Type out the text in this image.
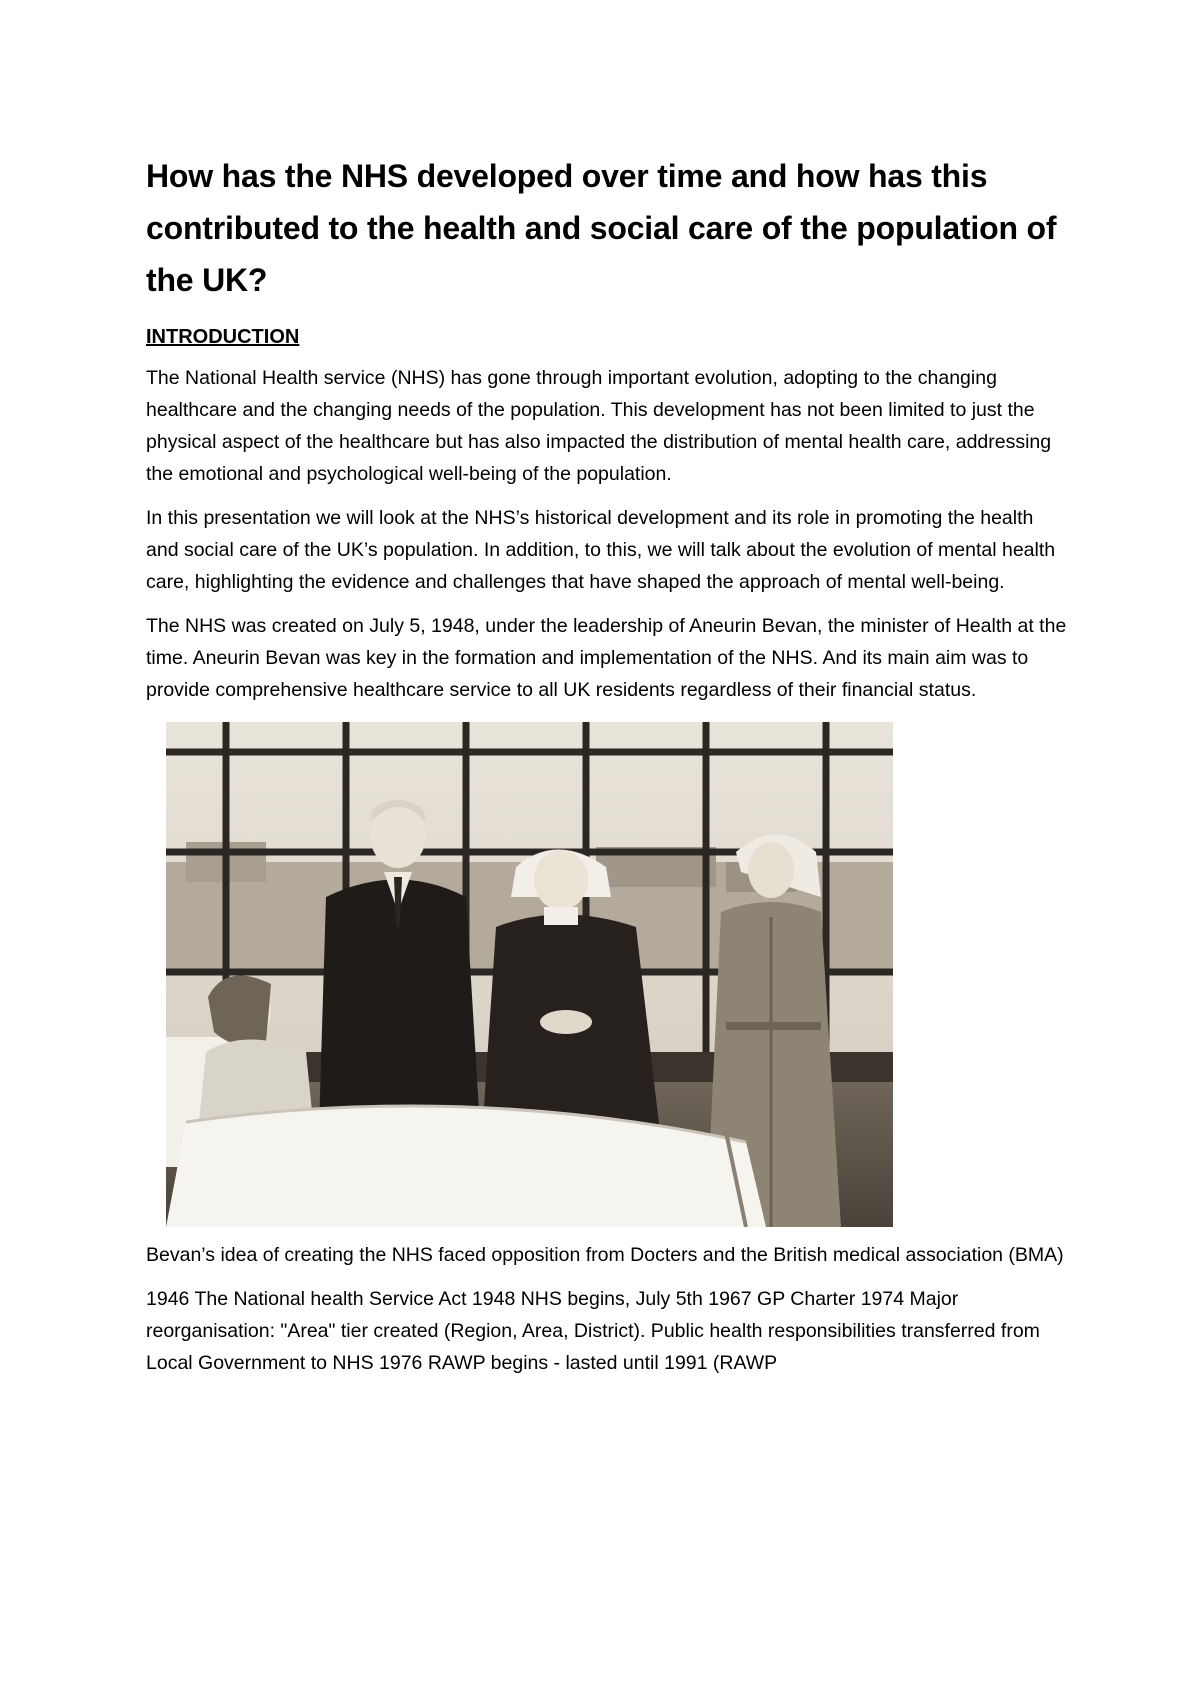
How has the NHS developed over time and how has this contributed to the health and social care of the population of the UK?
INTRODUCTION

The National Health service (NHS) has gone through important evolution, adopting to the changing healthcare and the changing needs of the population. This development has not been limited to just the physical aspect of the healthcare but has also impacted the distribution of mental health care, addressing the emotional and psychological well-being of the population.

In this presentation we will look at the NHS’s historical development and its role in promoting the health and social care of the UK’s population. In addition, to this, we will talk about the evolution of mental health care, highlighting the evidence and challenges that have shaped the approach of mental well-being.

The NHS was created on July 5, 1948, under the leadership of Aneurin Bevan, the minister of Health at the time. Aneurin Bevan was key in the formation and implementation of the NHS. And its main aim was to provide comprehensive healthcare service to all UK residents regardless of their financial status.

Bevan’s idea of creating the NHS faced opposition from Docters and the British medical association (BMA)

1946 The National health Service Act 1948 NHS begins, July 5th 1967 GP Charter 1974 Major reorganisation: "Area" tier created (Region, Area, District). Public health responsibilities transferred from Local Government to NHS 1976 RAWP begins - lasted until 1991 (RAWP
